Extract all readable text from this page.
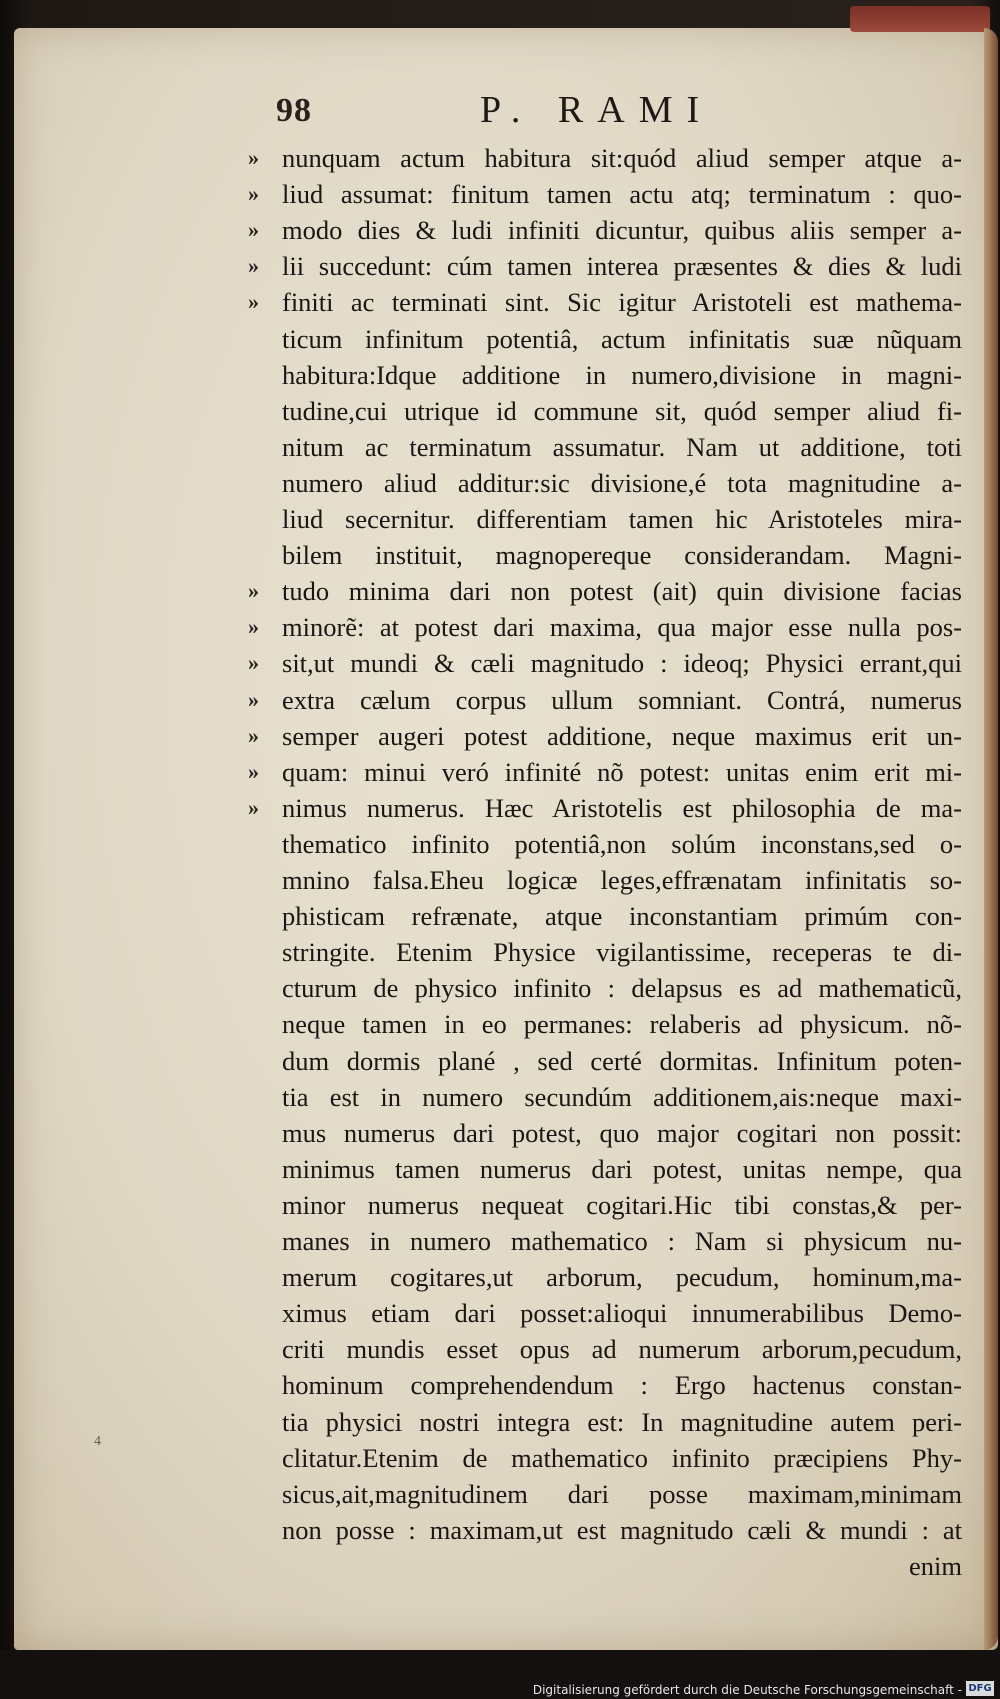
98	P. RAMI
» nunquam actum habitura sit:quód aliud semper atque a-
» liud assumat: finitum tamen actu atq; terminatum : quo-
» modo dies & ludi infiniti dicuntur, quibus aliis semper a-
» lii succedunt: cúm tamen interea præsentes & dies & ludi
» finiti ac terminati sint. Sic igitur Aristoteli est mathema-
ticum infinitum potentiâ, actum infinitatis suæ nũquam
habitura:Idque additione in numero,divisione in magni-
tudine,cui utrique id commune sit, quód semper aliud fi-
nitum ac terminatum assumatur. Nam ut additione, toti
numero aliud additur:sic divisione,é tota magnitudine a-
liud secernitur. differentiam tamen hic Aristoteles mira-
bilem instituit, magnopereque considerandam. Magni-
» tudo minima dari non potest (ait) quin divisione facias
» minorẽ: at potest dari maxima, qua major esse nulla pos-
» sit,ut mundi & cæli magnitudo : ideoq; Physici errant,qui
» extra cælum corpus ullum somniant. Contrá, numerus
» semper augeri potest additione, neque maximus erit un-
» quam: minui veró infinité nõ potest: unitas enim erit mi-
» nimus numerus. Hæc Aristotelis est philosophia de ma-
thematico infinito potentiâ,non solúm inconstans,sed o-
mnino falsa.Eheu logicæ leges,effrænatam infinitatis so-
phisticam refrænate, atque inconstantiam primúm con-
stringite. Etenim Physice vigilantissime, receperas te di-
cturum de physico infinito : delapsus es ad mathematicũ,
neque tamen in eo permanes: relaberis ad physicum. nõ-
dum dormis plané , sed certé dormitas. Infinitum poten-
tia est in numero secundúm additionem,ais:neque maxi-
mus numerus dari potest, quo major cogitari non possit:
minimus tamen numerus dari potest, unitas nempe, qua
minor numerus nequeat cogitari.Hic tibi constas,& per-
manes in numero mathematico : Nam si physicum nu-
merum cogitares,ut arborum, pecudum, hominum,ma-
ximus etiam dari posset:alioqui innumerabilibus Demo-
criti mundis esset opus ad numerum arborum,pecudum,
hominum comprehendendum : Ergo hactenus constan-
tia physici nostri integra est: In magnitudine autem peri-
clitatur.Etenim de mathematico infinito præcipiens Phy-
sicus,ait,magnitudinem dari posse maximam,minimam
non posse : maximam,ut est magnitudo cæli & mundi : at
enim
4
Digitalisierung gefördert durch die Deutsche Forschungsgemeinschaft - DFG
